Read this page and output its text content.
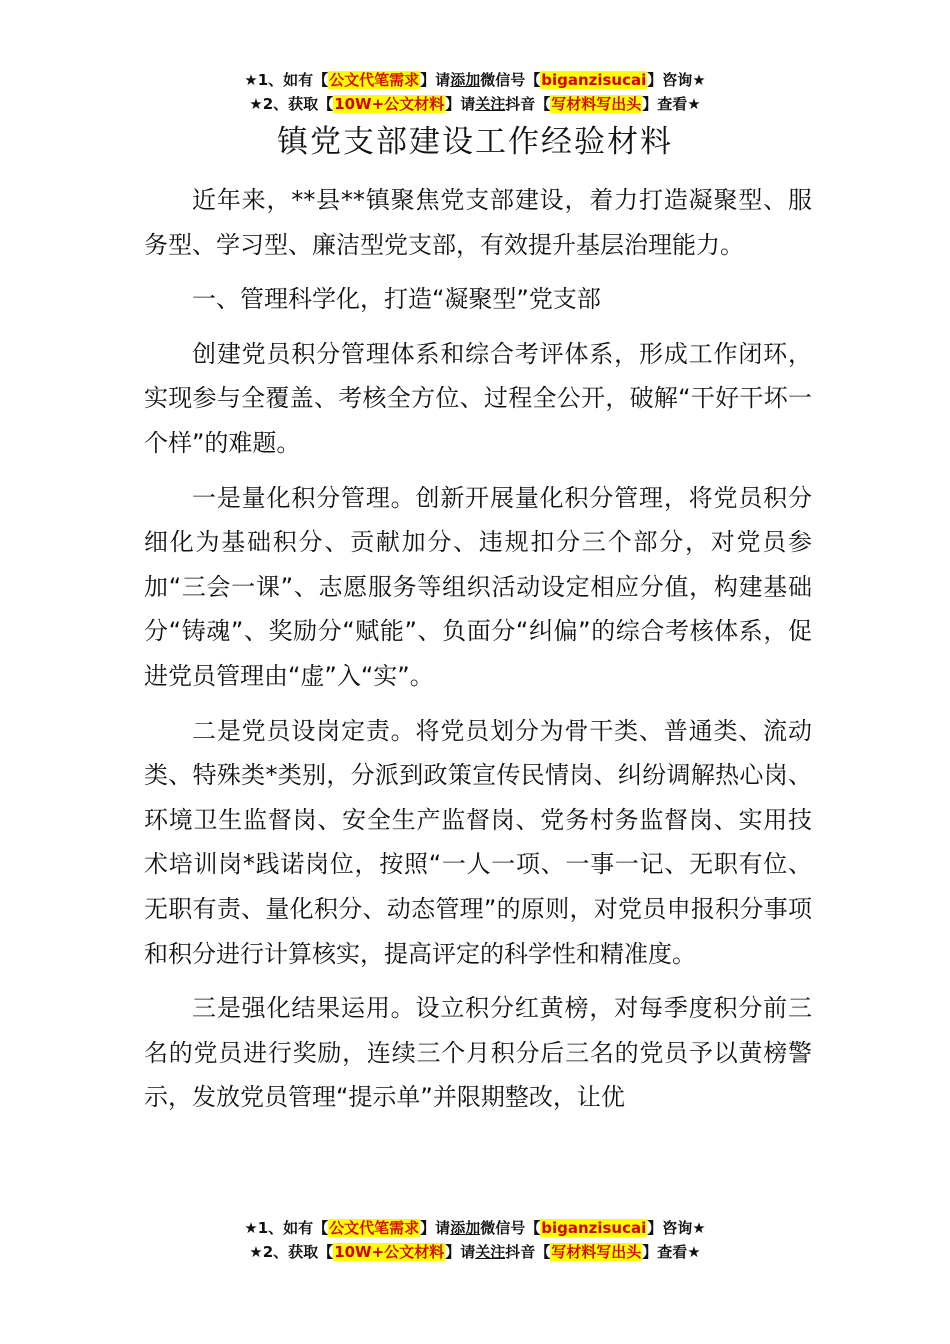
★1、如有【公文代笔需求】请添加微信号【biganzisucai】咨询★
★2、获取【10W+公文材料】请关注抖音【写材料写出头】查看★
镇党支部建设工作经验材料

近年来，**县**镇聚焦党支部建设，着力打造凝聚型、服务型、学习型、廉洁型党支部，有效提升基层治理能力。

一、管理科学化，打造“凝聚型”党支部

创建党员积分管理体系和综合考评体系，形成工作闭环，实现参与全覆盖、考核全方位、过程全公开，破解“干好干坏一个样”的难题。

一是量化积分管理。创新开展量化积分管理，将党员积分细化为基础积分、贡献加分、违规扣分三个部分，对党员参加“三会一课”、志愿服务等组织活动设定相应分值，构建基础分“铸魂”、奖励分“赋能”、负面分“纠偏”的综合考核体系，促进党员管理由“虚”入“实”。

二是党员设岗定责。将党员划分为骨干类、普通类、流动类、特殊类*类别，分派到政策宣传民情岗、纠纷调解热心岗、环境卫生监督岗、安全生产监督岗、党务村务监督岗、实用技术培训岗*践诺岗位，按照“一人一项、一事一记、无职有位、无职有责、量化积分、动态管理”的原则，对党员申报积分事项和积分进行计算核实，提高评定的科学性和精准度。

三是强化结果运用。设立积分红黄榜，对每季度积分前三名的党员进行奖励，连续三个月积分后三名的党员予以黄榜警示，发放党员管理“提示单”并限期整改，让优

★1、如有【公文代笔需求】请添加微信号【biganzisucai】咨询★
★2、获取【10W+公文材料】请关注抖音【写材料写出头】查看★
